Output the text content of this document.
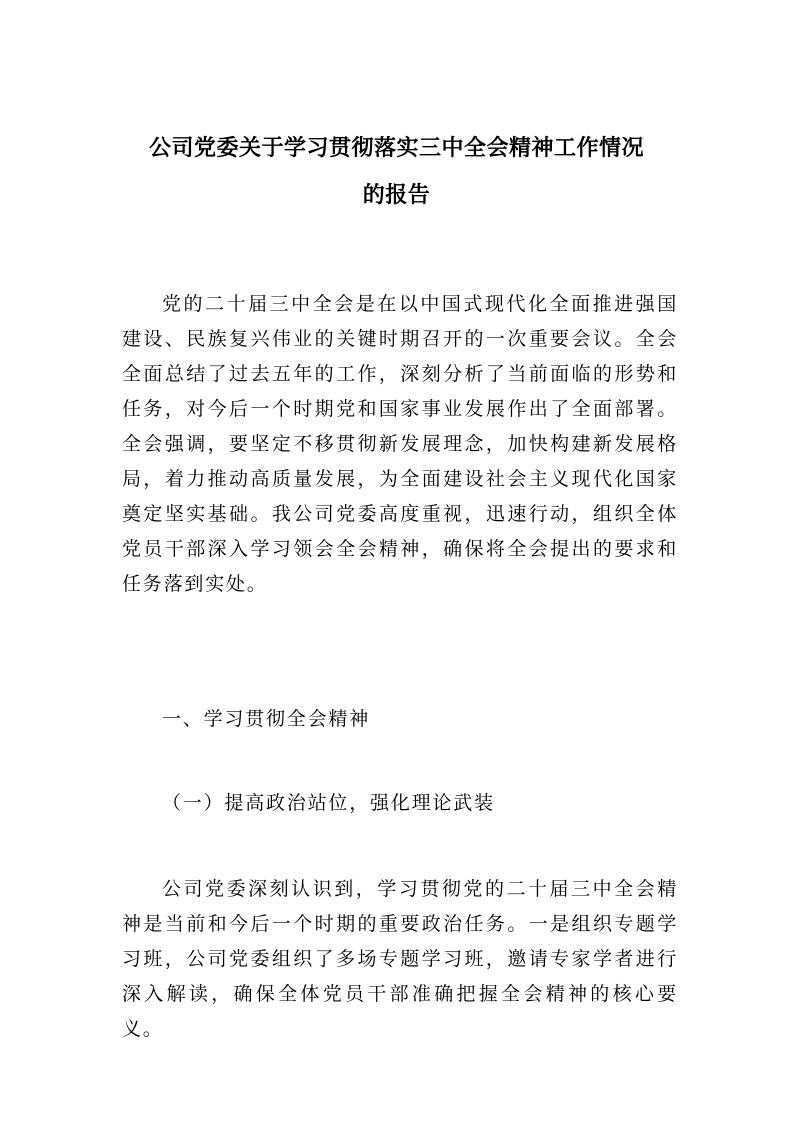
公司党委关于学习贯彻落实三中全会精神工作情况
的报告

党的二十届三中全会是在以中国式现代化全面推进强国建设、民族复兴伟业的关键时期召开的一次重要会议。全会全面总结了过去五年的工作，深刻分析了当前面临的形势和任务，对今后一个时期党和国家事业发展作出了全面部署。全会强调，要坚定不移贯彻新发展理念，加快构建新发展格局，着力推动高质量发展，为全面建设社会主义现代化国家奠定坚实基础。我公司党委高度重视，迅速行动，组织全体党员干部深入学习领会全会精神，确保将全会提出的要求和任务落到实处。

一、学习贯彻全会精神

（一）提高政治站位，强化理论武装

公司党委深刻认识到，学习贯彻党的二十届三中全会精神是当前和今后一个时期的重要政治任务。一是组织专题学习班，公司党委组织了多场专题学习班，邀请专家学者进行深入解读，确保全体党员干部准确把握全会精神的核心要义。
